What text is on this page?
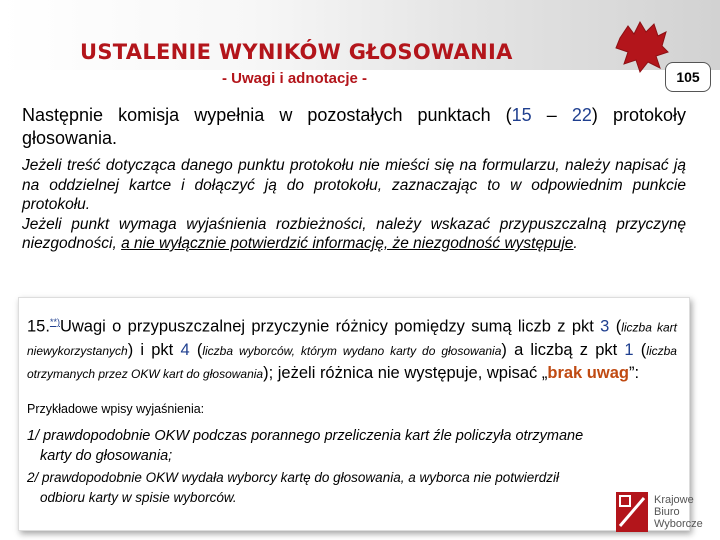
USTALENIE WYNIKÓW GŁOSOWANIA
- Uwagi i adnotacje -	105
Następnie komisja wypełnia w pozostałych punktach (15 – 22) protokoły głosowania.
Jeżeli treść dotycząca danego punktu protokołu nie mieści się na formularzu, należy napisać ją na oddzielnej kartce i dołączyć ją do protokołu, zaznaczając to w odpowiednim punkcie protokołu.
Jeżeli punkt wymaga wyjaśnienia rozbieżności, należy wskazać przypuszczalną przyczynę niezgodności, a nie wyłącznie potwierdzić informację, że niezgodność występuje.
15.**)Uwagi o przypuszczalnej przyczynie różnicy pomiędzy sumą liczb z pkt 3 (liczba kart niewykorzystanych) i pkt 4 (liczba wyborców, którym wydano karty do głosowania) a liczbą z pkt 1 (liczba otrzymanych przez OKW kart do głosowania); jeżeli różnica nie występuje, wpisać „brak uwag”:
Przykładowe wpisy wyjaśnienia:
1/ prawdopodobnie OKW podczas porannego przeliczenia kart źle policzyła otrzymane
karty do głosowania;
2/ prawdopodobnie OKW wydała wyborcy kartę do głosowania, a wyborca nie potwierdził
odbioru karty w spisie wyborców.	Krajowe
Biuro
Wyborcze
